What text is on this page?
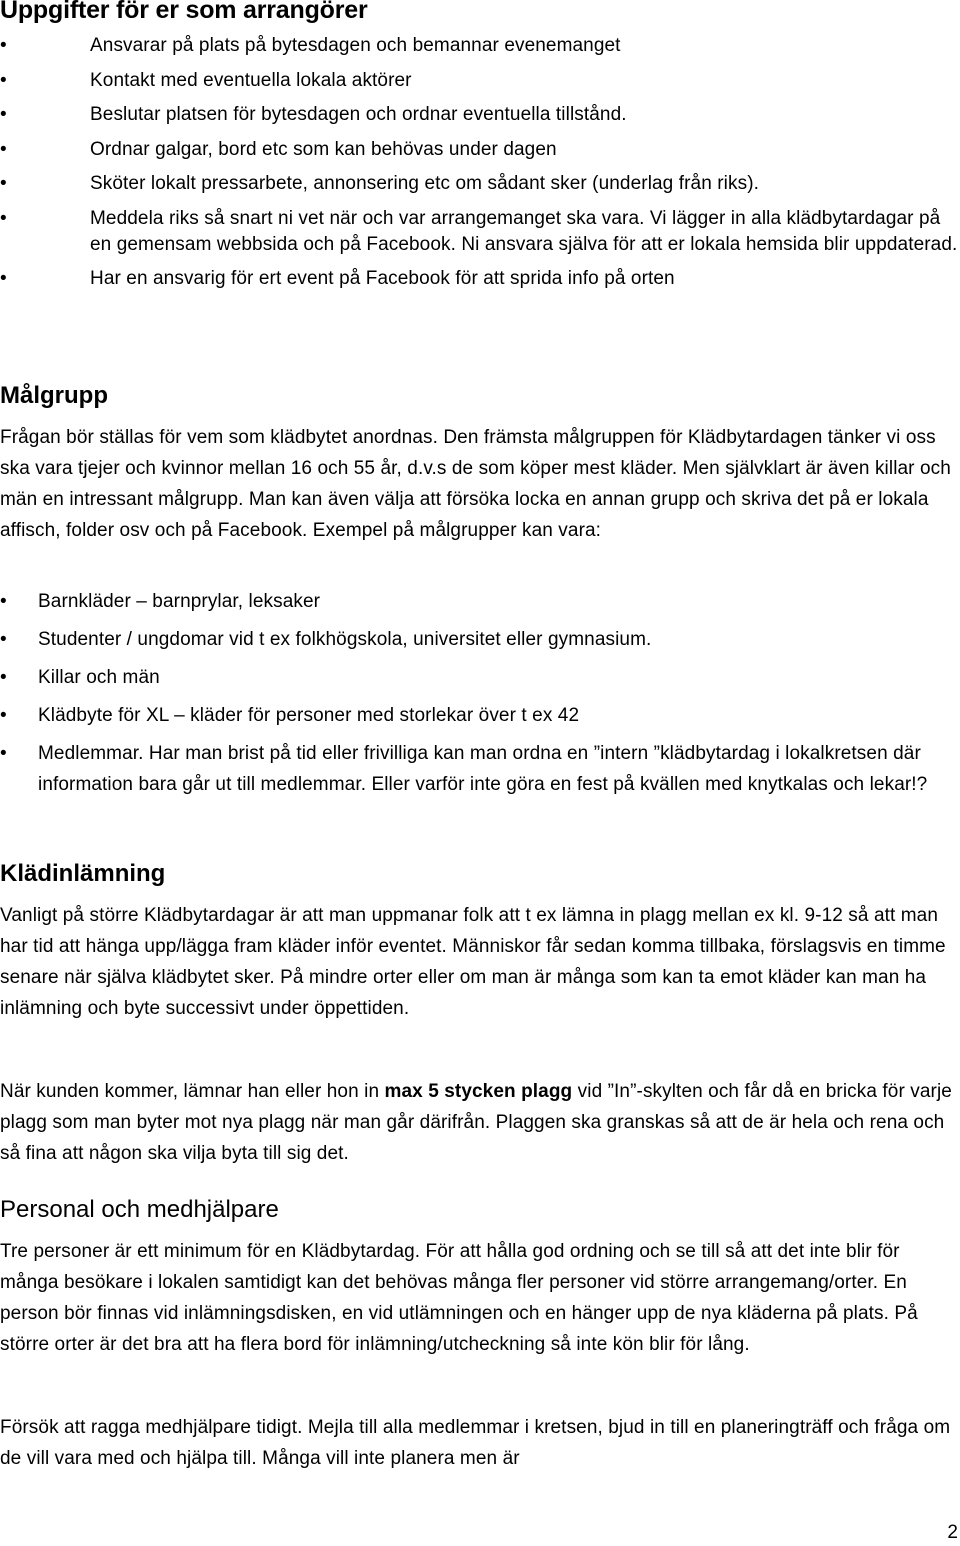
Uppgifter för er som arrangörer
•	Ansvarar på plats på bytesdagen och bemannar evenemanget
•	Kontakt med eventuella lokala aktörer
•	Beslutar platsen för bytesdagen och ordnar eventuella tillstånd.
•	Ordnar galgar, bord etc som kan behövas under dagen
•	Sköter lokalt pressarbete, annonsering etc om sådant sker (underlag från riks).
•	Meddela riks så snart ni vet när och var arrangemanget ska vara. Vi lägger in alla klädbytardagar på en gemensam webbsida och på Facebook. Ni ansvara själva för att er lokala hemsida blir uppdaterad.
•	Har en ansvarig för ert event på Facebook för att sprida info på orten
Målgrupp

Frågan bör ställas för vem som klädbytet anordnas. Den främsta målgruppen för Klädbytardagen tänker vi oss ska vara tjejer och kvinnor mellan 16 och 55 år, d.v.s de som köper mest kläder. Men självklart är även killar och män en intressant målgrupp. Man kan även välja att försöka locka en annan grupp och skriva det på er lokala affisch, folder osv och på Facebook. Exempel på målgrupper kan vara:

• Barnkläder – barnprylar, leksaker
• Studenter / ungdomar vid t ex folkhögskola, universitet eller gymnasium.
• Killar och män
• Klädbyte för XL – kläder för personer med storlekar över t ex 42
• Medlemmar. Har man brist på tid eller frivilliga kan man ordna en ”intern ”klädbytardag i lokalkretsen där information bara går ut till medlemmar. Eller varför inte göra en fest på kvällen med knytkalas och lekar!?
Klädinlämning

Vanligt på större Klädbytardagar är att man uppmanar folk att t ex lämna in plagg mellan ex kl. 9-12 så att man har tid att hänga upp/lägga fram kläder inför eventet. Människor får sedan komma tillbaka, förslagsvis en timme senare när själva klädbytet sker. På mindre orter eller om man är många som kan ta emot kläder kan man ha inlämning och byte successivt under öppettiden.

När kunden kommer, lämnar han eller hon in max 5 stycken plagg vid ”In”-skylten och får då en bricka för varje plagg som man byter mot nya plagg när man går därifrån. Plaggen ska granskas så att de är hela och rena och så fina att någon ska vilja byta till sig det.

Personal och medhjälpare

Tre personer är ett minimum för en Klädbytardag. För att hålla god ordning och se till så att det inte blir för många besökare i lokalen samtidigt kan det behövas många fler personer vid större arrangemang/orter. En person bör finnas vid inlämningsdisken, en vid utlämningen och en hänger upp de nya kläderna på plats. På större orter är det bra att ha flera bord för inlämning/utcheckning så inte kön blir för lång.

Försök att ragga medhjälpare tidigt. Mejla till alla medlemmar i kretsen, bjud in till en planeringträff och fråga om de vill vara med och hjälpa till. Många vill inte planera men är

2
